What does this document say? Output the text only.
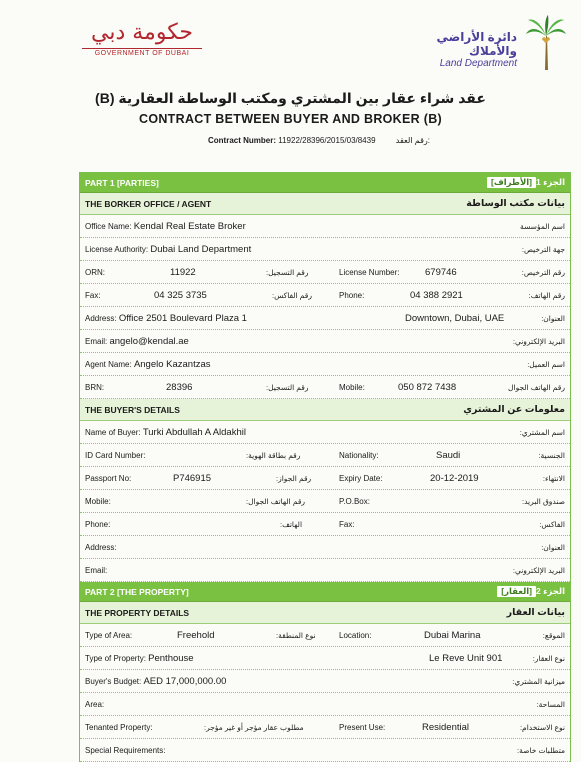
حكومة دبي
GOVERNMENT OF DUBAI
دائرة الأراضي والأملاك
Land Department
عقد شراء عقار بين المشتري ومكتب الوساطة العقارية (B)
CONTRACT BETWEEN BUYER AND BROKER (B)
Contract Number: 11922/28396/2015/03/8439	رقم العقد:
PART 1 [PARTIES]	الجزء 1
[الأطراف]
THE BORKER OFFICE / AGENT	بيانات مكتب الوساطة
Office Name:
Kendal Real Estate Broker	اسم المؤسسة
License Authority:
Dubai Land Department	جهة الترخيص:
ORN:	11922	رقم التسجيل:	License Number:	679746	رقم الترخيص:
Fax:	04 325 3735	رقم الفاكس:	Phone:	04 388 2921	رقم الهاتف:
Address:
Office 2501 Boulevard Plaza 1	Downtown, Dubai, UAE	العنوان:
Email:
angelo@kendal.ae	البريد الإلكتروني:
Agent Name:
Angelo Kazantzas	اسم العميل:
BRN:	28396	رقم التسجيل:	Mobile:	050 872 7438	رقم الهاتف الجوال
THE BUYER'S DETAILS	معلومات عن المشتري
Name of Buyer:
Turki Abdullah A Aldakhil	اسم المشتري:
ID Card Number:	رقم بطاقة الهوية:	Nationality:	Saudi	الجنسية:
Passport No:	P746915	رقم الجواز:	Expiry Date:	20-12-2019	الانتهاء:
Mobile:	رقم الهاتف الجوال:	P.O.Box:	صندوق البريد:
Phone:	الهاتف:	Fax:	الفاكس:
Address:	العنوان:
Email:	البريد الإلكتروني:
PART 2 [THE PROPERTY]	الجزء 2
[العقار]
THE PROPERTY DETAILS	بيانات العقار
Type of Area:	Freehold	نوع المنطقة:	Location:	Dubai Marina	الموقع:
Type of Property:
Penthouse	Le Reve Unit 901	نوع العقار:
Buyer's Budget:
AED 17,000,000.00	ميزانية المشتري:
Area:	المساحة:
Tenanted Property:	مطلوب عقار مؤجر أو غير مؤجر:	Present Use:	Residential	نوع الاستخدام:
Special Requirements:	متطلبات خاصة:
